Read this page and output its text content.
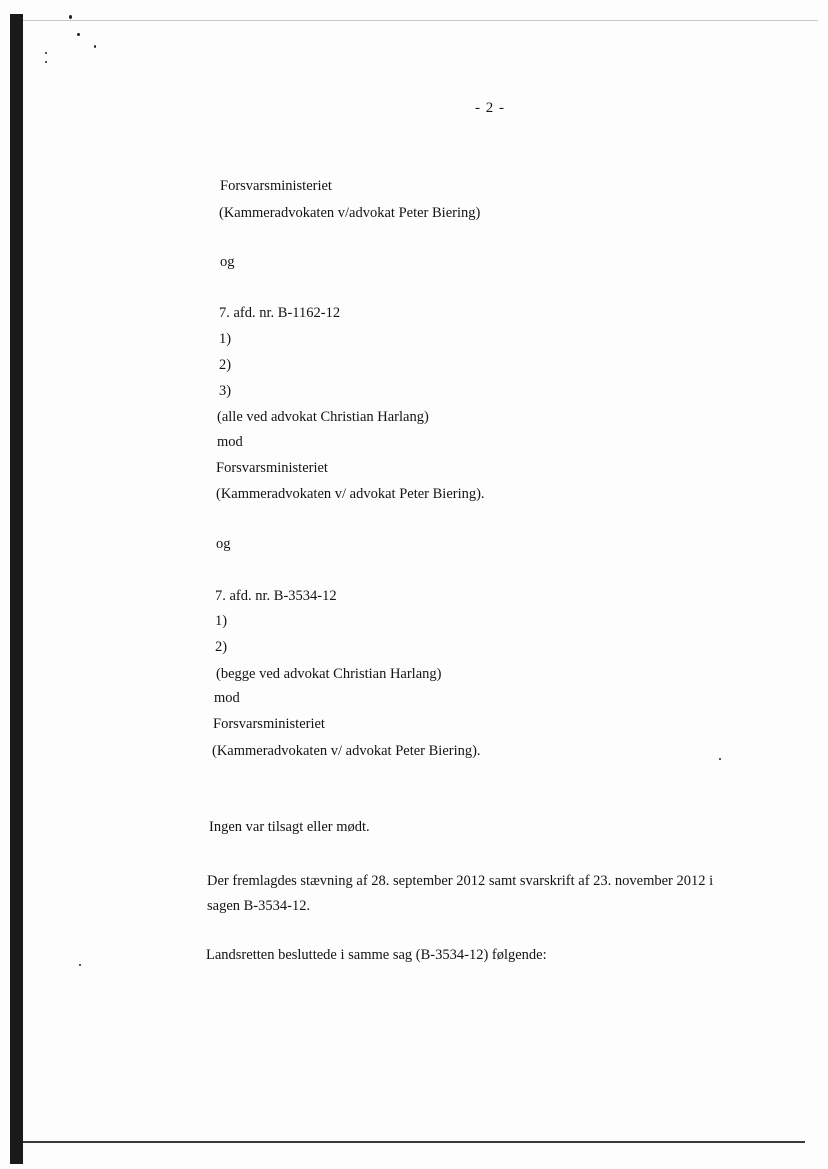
- 2 -
Forsvarsministeriet
(Kammeradvokaten v/advokat Peter Biering)
og
7. afd. nr. B-1162-12
1)
2)
3)
(alle ved advokat Christian Harlang)
mod
Forsvarsministeriet
(Kammeradvokaten v/ advokat Peter Biering).
og
7. afd. nr. B-3534-12
1)
2)
(begge ved advokat Christian Harlang)
mod
Forsvarsministeriet
(Kammeradvokaten v/ advokat Peter Biering).
Ingen var tilsagt eller mødt.
Der fremlagdes stævning af 28. september 2012 samt svarskrift af 23. november 2012 i sagen B-3534-12.
Landsretten besluttede i samme sag (B-3534-12) følgende:
